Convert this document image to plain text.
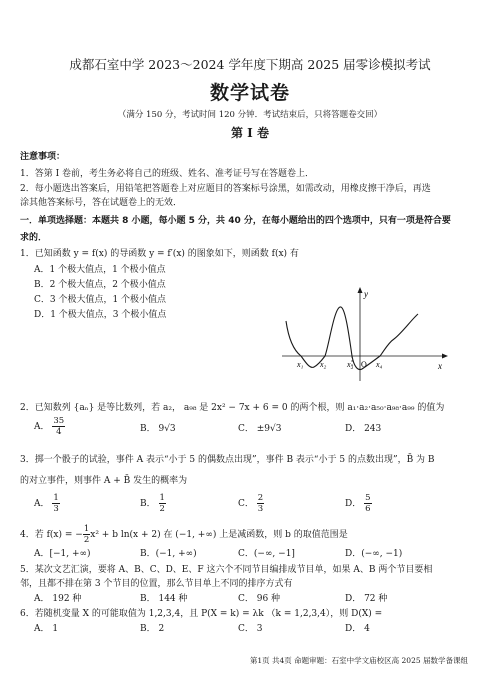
成都石室中学 2023～2024 学年度下期高 2025 届零诊模拟考试
数学试卷
（满分 150 分，考试时间 120 分钟．考试结束后，只将答题卷交回）
第 I 卷
注意事项：
1．答第 I 卷前，考生务必将自己的班级、姓名、准考证号写在答题卷上．
2．每小题选出答案后，用铅笔把答题卷上对应题目的答案标号涂黑，如需改动，用橡皮擦干净后，再选
涂其他答案标号，答在试题卷上的无效．
一．单项选择题：本题共 8 小题，每小题 5 分，共 40 分，在每小题给出的四个选项中，只有一项是符合要
求的．
1．已知函数 y = f(x) 的导函数 y = f′(x) 的图象如下，则函数 f(x) 有
A．1 个极大值点，1 个极小值点
B．2 个极大值点，2 个极小值点
C．3 个极大值点，1 个极小值点
D．1 个极大值点，3 个极小值点
y
x
x₁ x₂	x₃ O x₄
2．已知数列 {aₙ} 是等比数列，若 a₂， a₉₈ 是 2x² − 7x + 6 = 0 的两个根，则 a₁·a₂·a₅₀·a₉₈·a₉₉ 的值为
A． $\frac{35}{4}$	B． 9√3	C． ±9√3	D． 243
3．掷一个骰子的试验，事件 A 表示“小于 5 的偶数点出现”，事件 B 表示“小于 5 的点数出现”，B̄ 为 B
的对立事件，则事件 A + B̄ 发生的概率为
A． $\frac{1}{3}$	B． $\frac{1}{2}$	C． $\frac{2}{3}$	D． $\frac{5}{6}$
4．若 f(x) = − $\frac{1}{2} x^2 + b$ ln(x + 2) 在 (−1, +∞) 上是减函数，则 b 的取值范围是
A．[−1, +∞)	B．(−1, +∞)	C．(−∞, −1]	D．(−∞, −1)
5．某次文艺汇演，要将 A、B、C、D、E、F 这六个不同节目编排成节目单，如果 A、B 两个节目要相
邻，且都不排在第 3 个节目的位置，那么节目单上不同的排序方式有
A． 192 种	B． 144 种	C． 96 种	D． 72 种
6．若随机变量 X 的可能取值为 1,2,3,4，且 P(X = k) = λk （k = 1,2,3,4），则 D(X) =
A． 1	B． 2	C． 3	D． 4
第1页 共4页 命题审题：石室中学文庙校区高 2025 届数学备课组
